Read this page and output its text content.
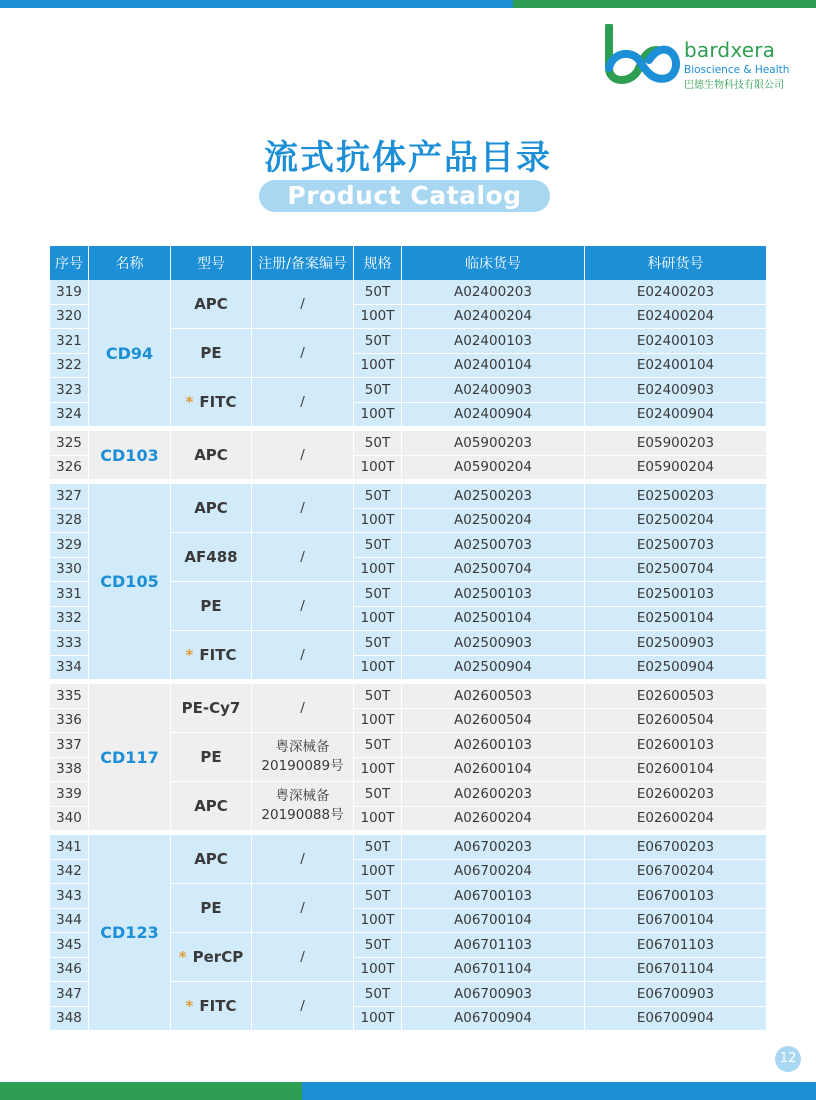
bardxera
Bioscience & Health
巴德生物科技有限公司
流式抗体产品目录
Product Catalog
序号	名称	型号	注册/备案编号	规格	临床货号	科研货号
319	CD94	APC	/	50T	A02400203	E02400203
320				100T	A02400204	E02400204
321		PE	/	50T	A02400103	E02400103
322				100T	A02400104	E02400104
323		* FITC	/	50T	A02400903	E02400903
324				100T	A02400904	E02400904

325	CD103	APC	/	50T	A05900203	E05900203
326				100T	A05900204	E05900204

327	CD105	APC	/	50T	A02500203	E02500203
328				100T	A02500204	E02500204
329		AF488	/	50T	A02500703	E02500703
330				100T	A02500704	E02500704
331		PE	/	50T	A02500103	E02500103
332				100T	A02500104	E02500104
333		* FITC	/	50T	A02500903	E02500903
334				100T	A02500904	E02500904

335	CD117	PE-Cy7	/	50T	A02600503	E02600503
336				100T	A02600504	E02600504
337		PE	粤深械备
20190089号	50T	A02600103	E02600103
338				100T	A02600104	E02600104
339		APC	粤深械备
20190088号	50T	A02600203	E02600203
340				100T	A02600204	E02600204

341	CD123	APC	/	50T	A06700203	E06700203
342				100T	A06700204	E06700204
343		PE	/	50T	A06700103	E06700103
344				100T	A06700104	E06700104
345		* PerCP	/	50T	A06701103	E06701103
346				100T	A06701104	E06701104
347		* FITC	/	50T	A06700903	E06700903
348				100T	A06700904	E06700904
12
